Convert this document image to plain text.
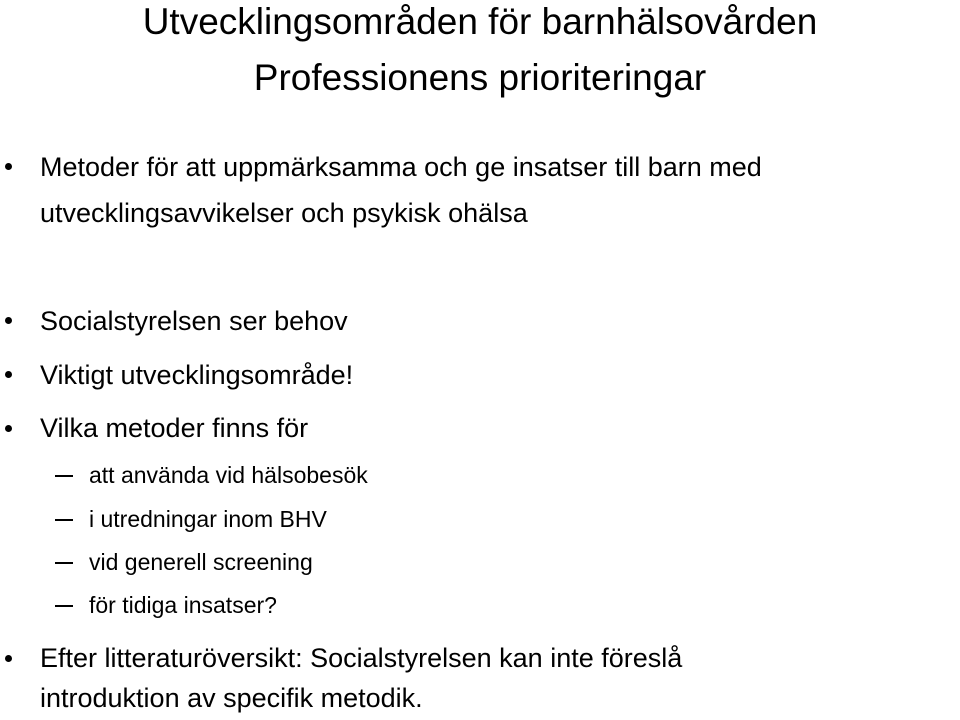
Utvecklingsområden för barnhälsovården
Professionens prioriteringar
Metoder för att uppmärksamma och ge insatser till barn med
utvecklingsavvikelser och psykisk ohälsa
Socialstyrelsen ser behov
Viktigt utvecklingsområde!
Vilka metoder finns för
att använda vid hälsobesök
i utredningar inom BHV
vid generell screening
för tidiga insatser?
Efter litteraturöversikt: Socialstyrelsen kan inte föreslå
introduktion av specifik metodik.
